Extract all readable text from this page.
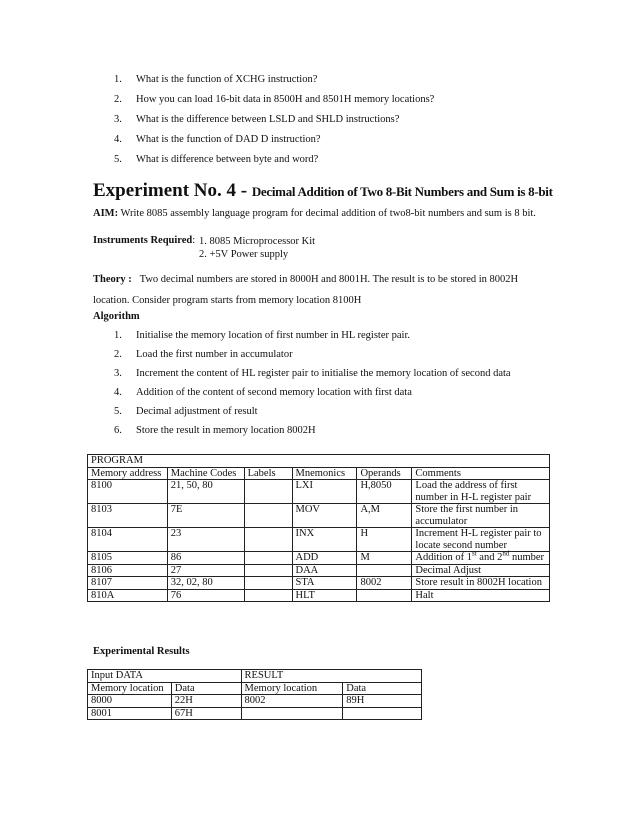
1.	What is the function of XCHG instruction?
2.	How you can load 16-bit data in 8500H and 8501H memory locations?
3.	What is the difference between LSLD and SHLD instructions?
4.	What is the function of DAD D instruction?
5.	What is difference between byte and word?
Experiment No. 4 - Decimal Addition of Two 8-Bit Numbers and Sum is 8-bit
AIM: Write 8085 assembly language program for decimal addition of two8-bit numbers and sum is 8 bit.
Instruments Required: 1. 8085 Microprocessor Kit
2. +5V Power supply
Theory : Two decimal numbers are stored in 8000H and 8001H. The result is to be stored in 8002H
location. Consider program starts from memory location 8100H
Algorithm
1.	Initialise the memory location of first number in HL register pair.
2.	Load the first number in accumulator
3.	Increment the content of HL register pair to initialise the memory location of second data
4.	Addition of the content of second memory location with first data
5.	Decimal adjustment of result
6.	Store the result in memory location 8002H
PROGRAM					
Memory address	Machine Codes	Labels	Mnemonics	Operands	Comments
8100	21, 50, 80		LXI	H,8050	Load the address of first number in H-L register pair
8103	7E		MOV	A,M	Store the first number in accumulator
8104	23		INX	H	Increment H-L register pair to locate second number
8105	86		ADD	M	Addition of 1st and 2nd number
8106	27		DAA		Decimal Adjust
8107	32, 02, 80		STA	8002	Store result in 8002H location
810A	76		HLT		Halt
Experimental Results
Input DATA		RESULT	
Memory location	Data	Memory location	Data
8000	22H	8002	89H
8001	67H		
